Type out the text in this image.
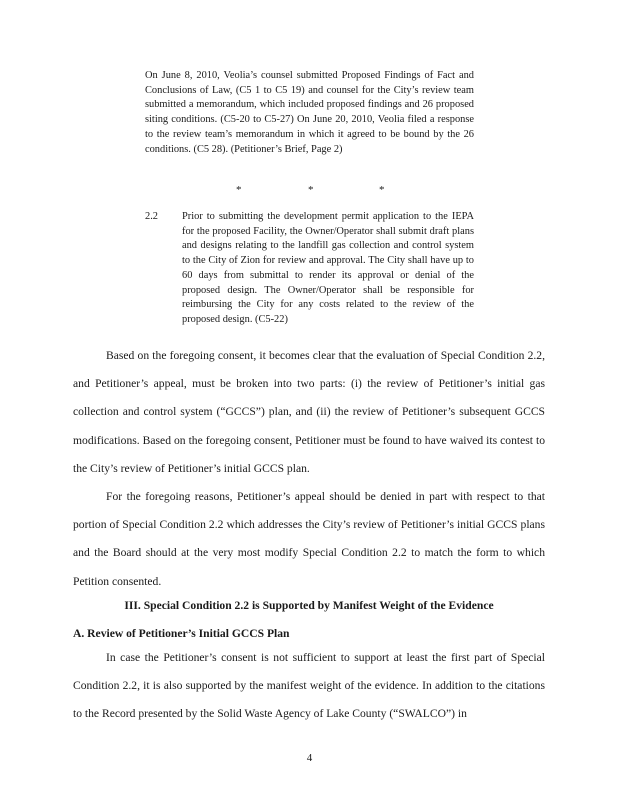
On June 8, 2010, Veolia’s counsel submitted Proposed Findings of Fact and Conclusions of Law, (C5 1 to C5 19) and counsel for the City’s review team submitted a memorandum, which included proposed findings and 26 proposed siting conditions. (C5-20 to C5-27) On June 20, 2010, Veolia filed a response to the review team’s memorandum in which it agreed to be bound by the 26 conditions. (C5 28). (Petitioner’s Brief, Page 2)
*	*	*
2.2 Prior to submitting the development permit application to the IEPA for the proposed Facility, the Owner/Operator shall submit draft plans and designs relating to the landfill gas collection and control system to the City of Zion for review and approval. The City shall have up to 60 days from submittal to render its approval or denial of the proposed design. The Owner/Operator shall be responsible for reimbursing the City for any costs related to the review of the proposed design. (C5-22)
Based on the foregoing consent, it becomes clear that the evaluation of Special Condition 2.2, and Petitioner’s appeal, must be broken into two parts: (i) the review of Petitioner’s initial gas collection and control system (“GCCS”) plan, and (ii) the review of Petitioner’s subsequent GCCS modifications. Based on the foregoing consent, Petitioner must be found to have waived its contest to the City’s review of Petitioner’s initial GCCS plan.
For the foregoing reasons, Petitioner’s appeal should be denied in part with respect to that portion of Special Condition 2.2 which addresses the City’s review of Petitioner’s initial GCCS plans and the Board should at the very most modify Special Condition 2.2 to match the form to which Petition consented.
III. Special Condition 2.2 is Supported by Manifest Weight of the Evidence
A. Review of Petitioner’s Initial GCCS Plan
In case the Petitioner’s consent is not sufficient to support at least the first part of Special Condition 2.2, it is also supported by the manifest weight of the evidence. In addition to the citations to the Record presented by the Solid Waste Agency of Lake County (“SWALCO”) in
4
